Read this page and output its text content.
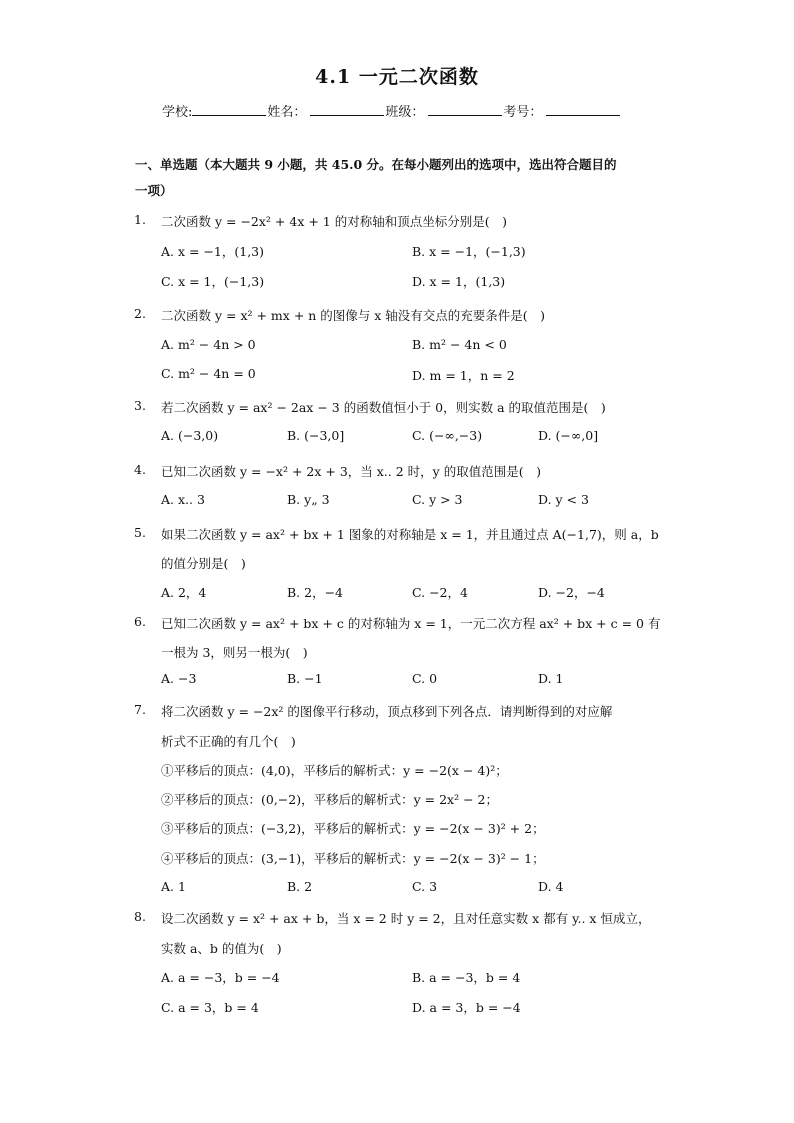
4.1 一元二次函数
学校:	姓名：	班级：	考号：
一、单选题（本大题共 9 小题，共 45.0 分。在每小题列出的选项中，选出符合题目的
一项）
1. 二次函数 y = −2x² + 4x + 1 的对称轴和顶点坐标分别是(　)
A. x = −1，(1,3)	B. x = −1，(−1,3)
C. x = 1，(−1,3)	D. x = 1，(1,3)
2. 二次函数 y = x² + mx + n 的图像与 x 轴没有交点的充要条件是(　)
A. m² − 4n > 0	B. m² − 4n < 0
C. m² − 4n = 0	D. m = 1，n = 2
3. 若二次函数 y = ax² − 2ax − 3 的函数值恒小于 0，则实数 a 的取值范围是(　)
A. (−3,0)	B. (−3,0]	C. (−∞,−3)	D. (−∞,0]
4. 已知二次函数 y = −x² + 2x + 3，当 x.. 2 时，y 的取值范围是(　)
A. x.. 3	B. y„ 3	C. y > 3	D. y < 3
5. 如果二次函数 y = ax² + bx + 1 图象的对称轴是 x = 1，并且通过点 A(−1,7)，则 a，b
的值分别是(　)
A. 2，4	B. 2，−4	C. −2，4	D. −2，−4
6. 已知二次函数 y = ax² + bx + c 的对称轴为 x = 1，一元二次方程 ax² + bx + c = 0 有
一根为 3，则另一根为(　)
A. −3	B. −1	C. 0	D. 1
7. 将二次函数 y = −2x² 的图像平行移动，顶点移到下列各点．请判断得到的对应解
析式不正确的有几个(　)
①平移后的顶点：(4,0)，平移后的解析式：y = −2(x − 4)²；
②平移后的顶点：(0,−2)，平移后的解析式：y = 2x² − 2；
③平移后的顶点：(−3,2)，平移后的解析式：y = −2(x − 3)² + 2；
④平移后的顶点：(3,−1)，平移后的解析式：y = −2(x − 3)² − 1；
A. 1	B. 2	C. 3	D. 4
8. 设二次函数 y = x² + ax + b，当 x = 2 时 y = 2，且对任意实数 x 都有 y.. x 恒成立，
实数 a、b 的值为(　)
A. a = −3，b = −4	B. a = −3，b = 4
C. a = 3，b = 4	D. a = 3，b = −4
